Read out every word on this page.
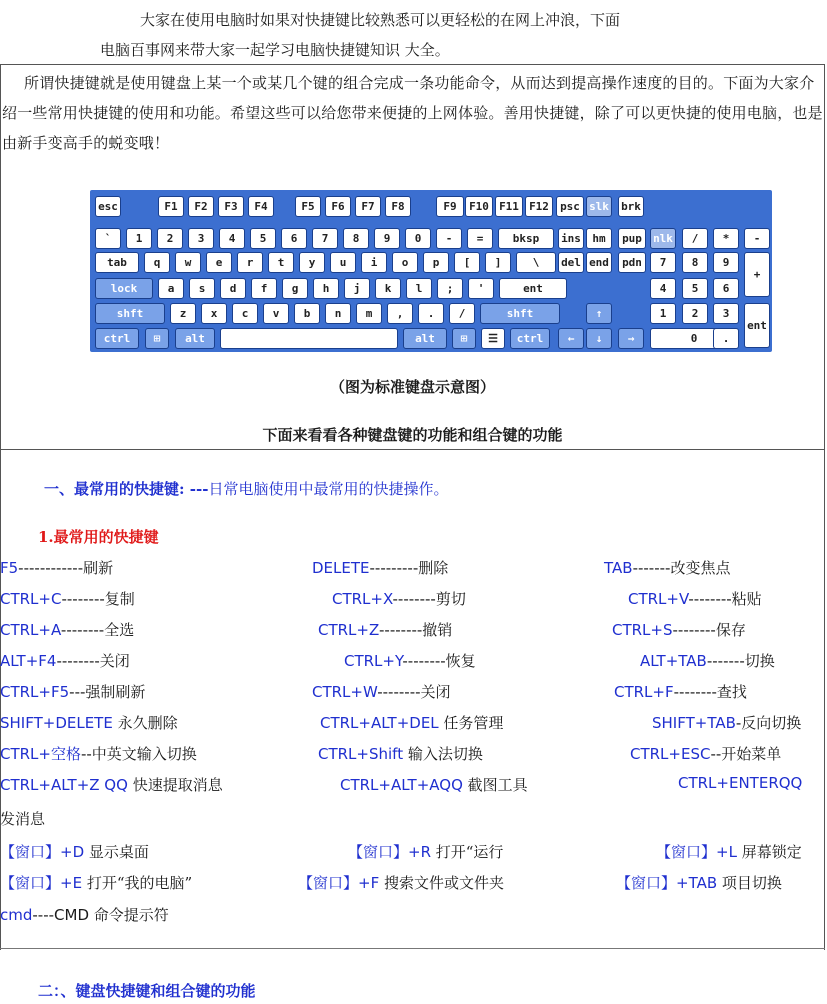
大家在使用电脑时如果对快捷键比较熟悉可以更轻松的在网上冲浪，下面
电脑百事网来带大家一起学习电脑快捷键知识 大全。
所谓快捷键就是使用键盘上某一个或某几个键的组合完成一条功能命令，从而达到提高操作速度的目的。下面为大家介绍一些常用快捷键的使用和功能。希望这些可以给您带来便捷的上网体验。善用快捷键，除了可以更快捷的使用电脑，也是由新手变高手的蜕变哦！
esc	F1	F2	F3	F4	F5	F6	F7	F8	F9	F10 F11 F12	psc slk brk
`	1	2	3	4	5	6	7	8	9	0	-	=	bksp	ins	hm	pup	nlk	/	*	-
tab	q	w	e	r	t	y	u	i	o	p	[	]	\	del end	pdn	7	8	9
+
lock	a	s	d	f	g	h	j	k	l	;	'	ent	4	5	6
shft	z	x	c	v	b	n	m	,	.	/	shft	↑	1	2	3
ent
ctrl	⊞	alt	alt	⊞	☰	ctrl	←	↓	→	0	.
（图为标准键盘示意图）
下面来看看各种键盘键的功能和组合键的功能
一、最常用的快捷键: ---日常电脑使用中最常用的快捷操作。
1.最常用的快捷键
F5------------刷新	DELETE---------删除	TAB-------改变焦点
CTRL+C--------复制	CTRL+X--------剪切	CTRL+V--------粘贴
CTRL+A--------全选	CTRL+Z--------撤销	CTRL+S--------保存
ALT+F4--------关闭	CTRL+Y--------恢复	ALT+TAB-------切换
CTRL+F5---强制刷新	CTRL+W--------关闭	CTRL+F--------查找
SHIFT+DELETE 永久删除	CTRL+ALT+DEL 任务管理	SHIFT+TAB-反向切换
CTRL+空格--中英文输入切换	CTRL+Shift 输入法切换	CTRL+ESC--开始菜单
CTRL+ALT+Z QQ 快速提取消息	CTRL+ALT+AQQ 截图工具	CTRL+ENTERQQ
发消息
【窗口】+D 显示桌面	【窗口】+R 打开“运行	【窗口】+L 屏幕锁定
【窗口】+E 打开“我的电脑”	【窗口】+F 搜索文件或文件夹	【窗口】+TAB 项目切换
cmd----CMD 命令提示符
二：、键盘快捷键和组合键的功能
